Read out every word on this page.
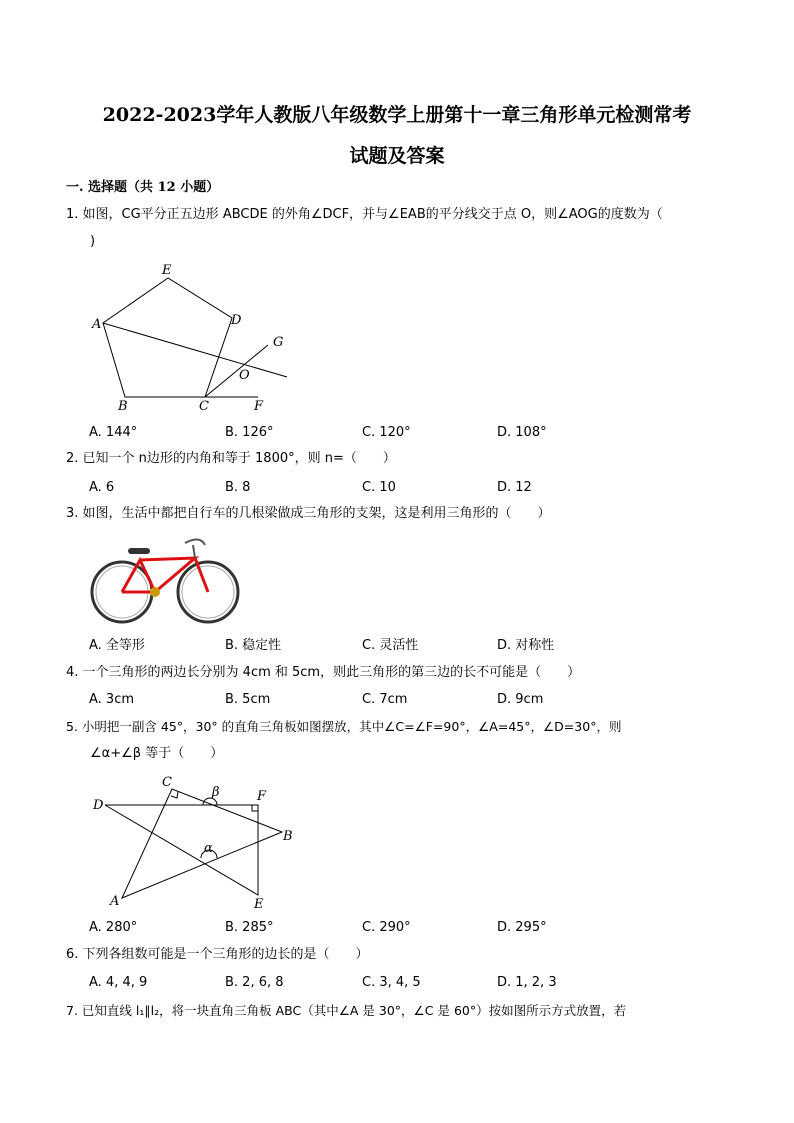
2022-2023学年人教版八年级数学上册第十一章三角形单元检测常考
试题及答案
一. 选择题（共 12 小题）
1. 如图，CG平分正五边形 ABCDE 的外角∠DCF，并与∠EAB的平分线交于点 O，则∠AOG的度数为（
)
E
A	D
G
O
B	C	F
C
β	F
D
B
α
A	E
A. 144°	B. 126°	C. 120°	D. 108°
2. 已知一个 n边形的内角和等于 1800°，则 n=（　　）
A. 6	B. 8	C. 10	D. 12
3. 如图，生活中都把自行车的几根梁做成三角形的支架，这是利用三角形的（　　）
A. 全等形	B. 稳定性	C. 灵活性	D. 对称性
4. 一个三角形的两边长分别为 4cm 和 5cm，则此三角形的第三边的长不可能是（　　）
A. 3cm	B. 5cm	C. 7cm	D. 9cm
5. 小明把一副含 45°，30° 的直角三角板如图摆放，其中∠C=∠F=90°，∠A=45°，∠D=30°，则
∠α+∠β 等于（　　）
A. 280°	B. 285°	C. 290°	D. 295°
6. 下列各组数可能是一个三角形的边长的是（　　）
A. 4, 4, 9	B. 2, 6, 8	C. 3, 4, 5	D. 1, 2, 3
7. 已知直线 l₁∥l₂，将一块直角三角板 ABC（其中∠A 是 30°，∠C 是 60°）按如图所示方式放置，若
